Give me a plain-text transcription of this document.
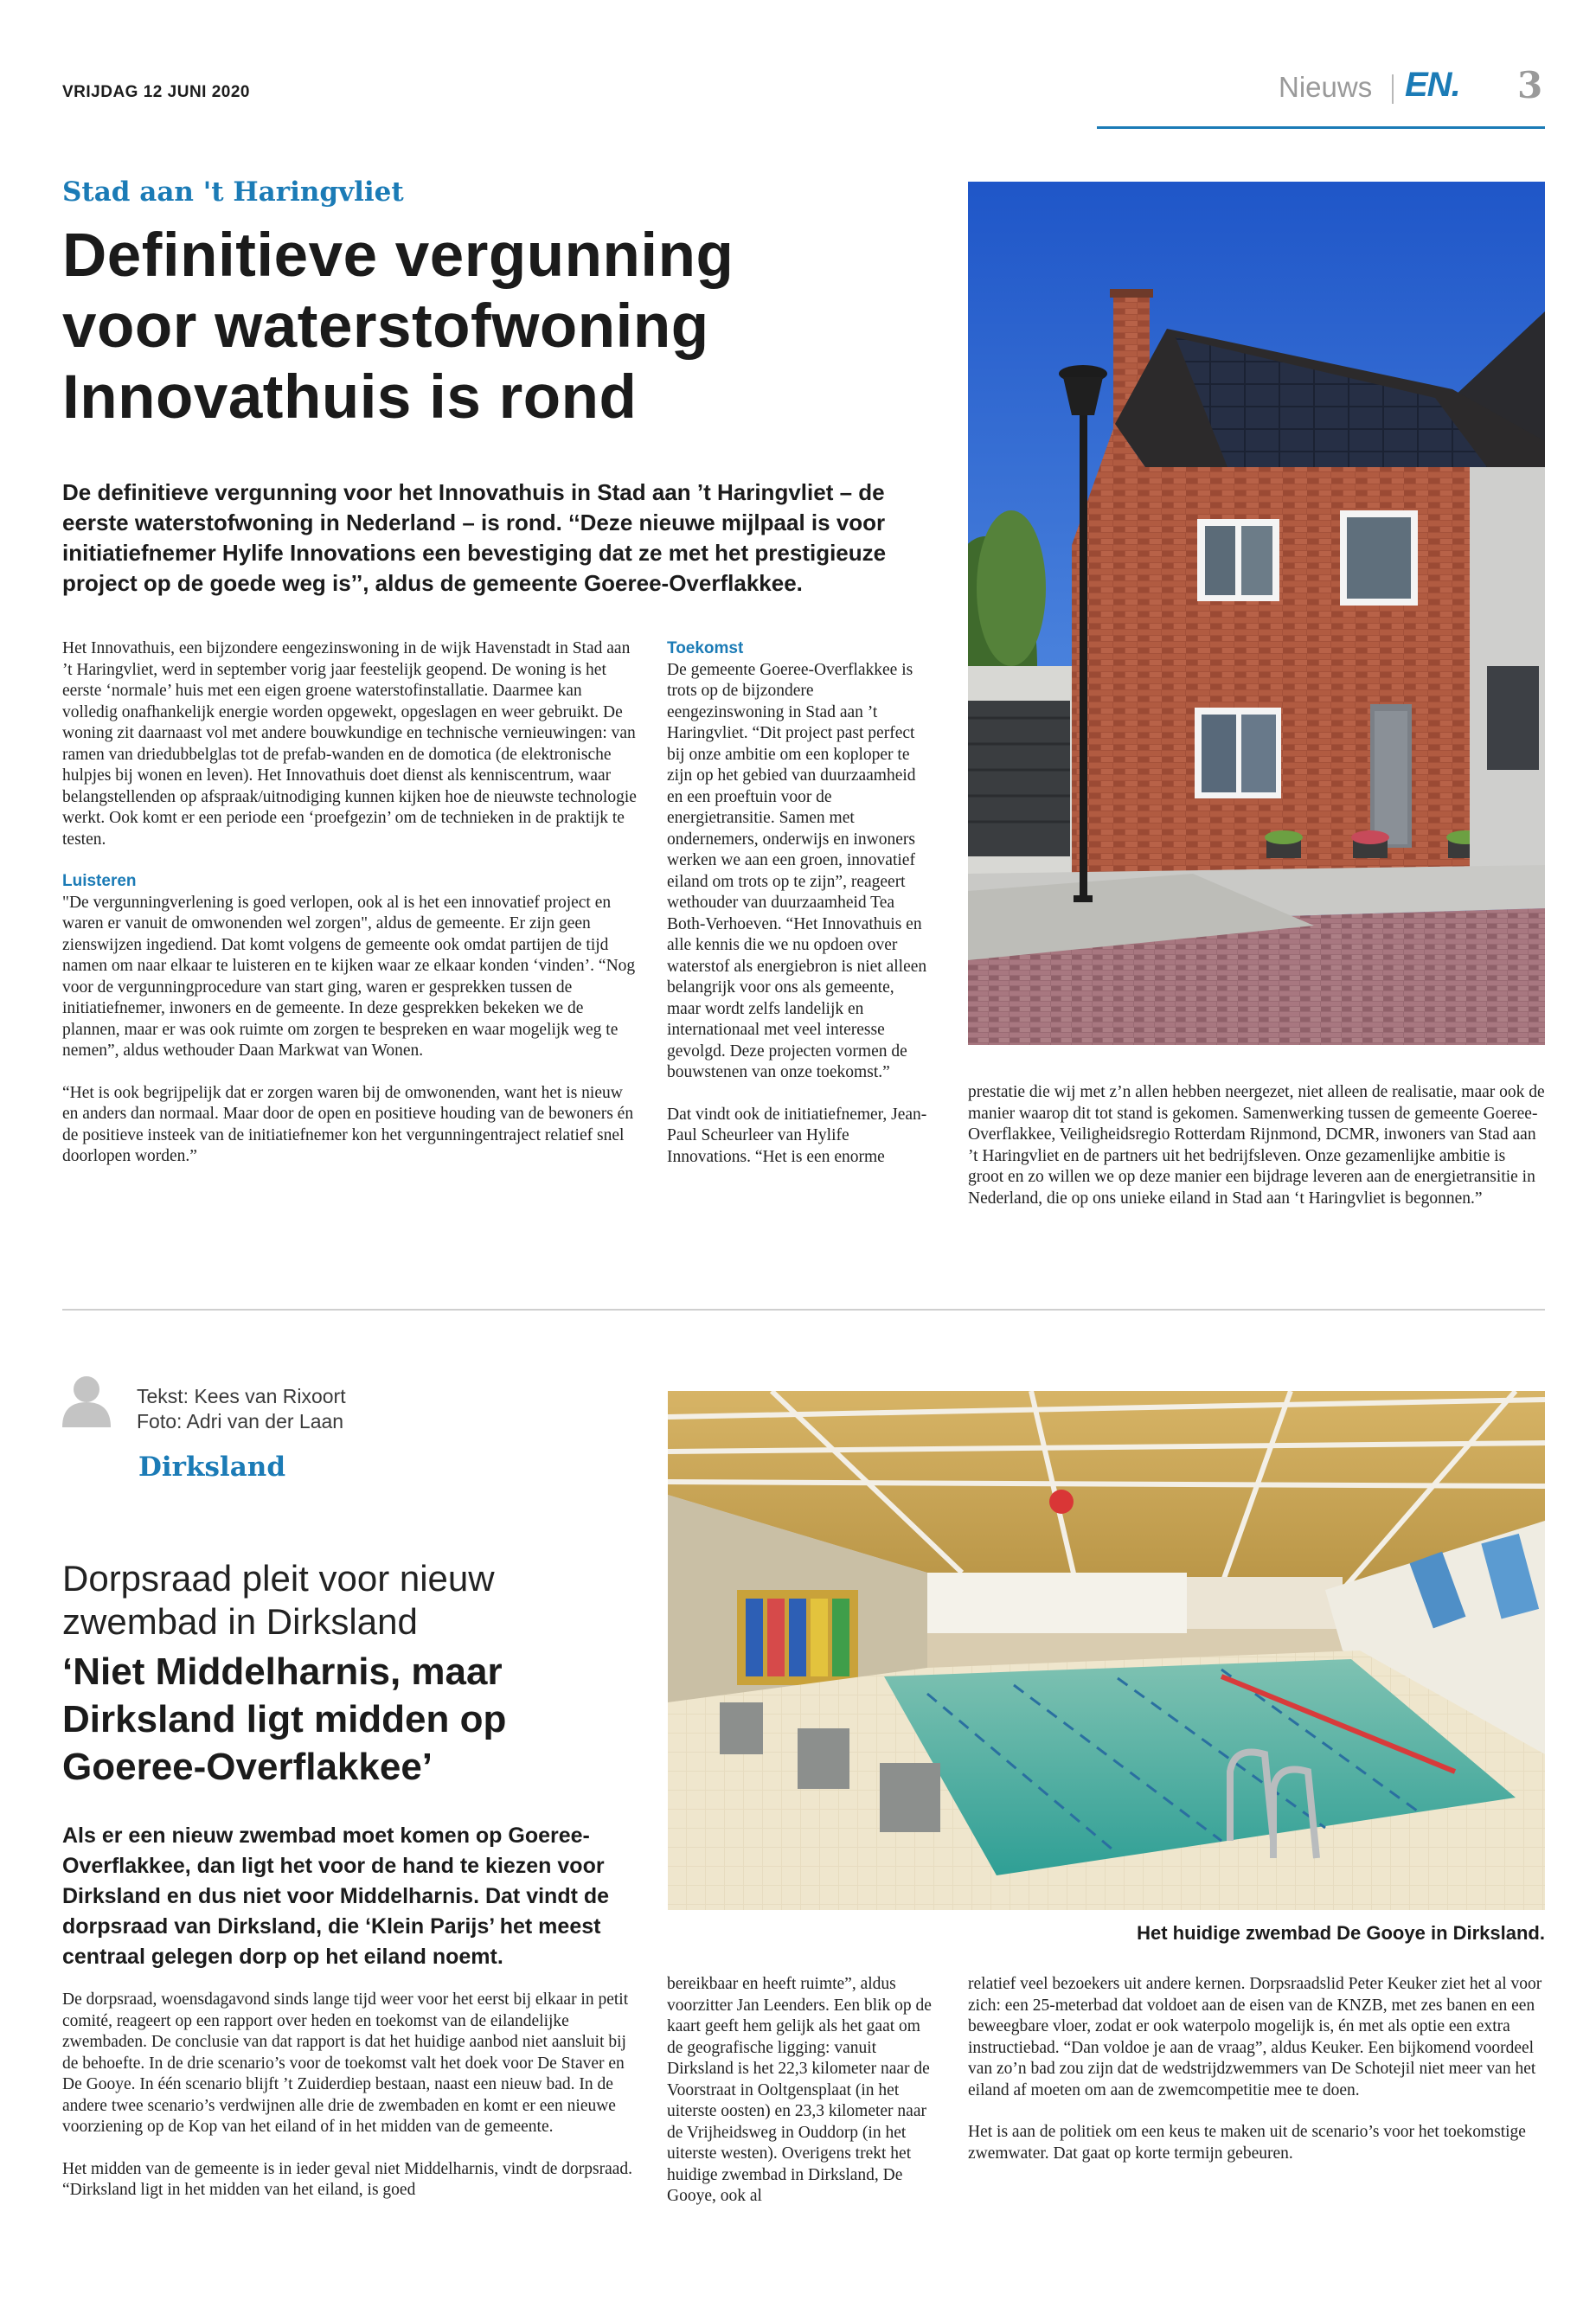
VRIJDAG 12 JUNI 2020	Nieuws EN. 3
Stad aan 't Haringvliet
Definitieve vergunning
voor waterstofwoning
Innovathuis is rond
De definitieve vergunning voor het Innovathuis in Stad aan ’t Haringvliet – de eerste waterstofwoning in Nederland – is rond. ‘‘Deze nieuwe mijlpaal is voor initiatiefnemer Hylife Innovations een bevestiging dat ze met het prestigieuze project op de goede weg is’’, aldus de gemeente Goeree-Overflakkee.

Het Innovathuis, een bijzondere eengezinswoning in de wijk Havenstadt in Stad aan ’t Haringvliet, werd in september vorig jaar feestelijk geopend. De woning is het eerste ‘normale’ huis met een eigen groene waterstofinstallatie. Daarmee kan volledig onafhankelijk energie worden opgewekt, opgeslagen en weer gebruikt. De woning zit daarnaast vol met andere bouwkundige en technische vernieuwingen: van ramen van driedubbelglas tot de prefab-wanden en de domotica (de elektronische hulpjes bij wonen en leven). Het Innovathuis doet dienst als kenniscentrum, waar belangstellenden op afspraak/uitnodiging kunnen kijken hoe de nieuwste technologie werkt. Ook komt er een periode een ‘proefgezin’ om de technieken in de praktijk te testen.

Luisteren

"De vergunningverlening is goed verlopen, ook al is het een innovatief project en waren er vanuit de omwonenden wel zorgen", aldus de gemeente. Er zijn geen zienswijzen ingediend. Dat komt volgens de gemeente ook omdat partijen de tijd namen om naar elkaar te luisteren en te kijken waar ze elkaar konden ‘vinden’. “Nog voor de vergunningprocedure van start ging, waren er gesprekken tussen de initiatiefnemer, inwoners en de gemeente. In deze gesprekken bekeken we de plannen, maar er was ook ruimte om zorgen te bespreken en waar mogelijk weg te nemen”, aldus wethouder Daan Markwat van Wonen.

“Het is ook begrijpelijk dat er zorgen waren bij de omwonenden, want het is nieuw en anders dan normaal. Maar door de open en positieve houding van de bewoners én de positieve insteek van de initiatiefnemer kon het vergunningentraject relatief snel doorlopen worden.”

Toekomst

De gemeente Goeree-Overflakkee is trots op de bijzondere eengezinswoning in Stad aan ’t Haringvliet. “Dit project past perfect bij onze ambitie om een koploper te zijn op het gebied van duurzaamheid en een proeftuin voor de energietransitie. Samen met ondernemers, onderwijs en inwoners werken we aan een groen, innovatief eiland om trots op te zijn”, reageert wethouder van duurzaamheid Tea Both-Verhoeven. “Het Innovathuis en alle kennis die we nu opdoen over waterstof als energiebron is niet alleen belangrijk voor ons als gemeente, maar wordt zelfs landelijk en internationaal met veel interesse gevolgd. Deze projecten vormen de bouwstenen van onze toekomst.”

Dat vindt ook de initiatiefnemer, Jean-Paul Scheurleer van Hylife Innovations. “Het is een enorme

prestatie die wij met z’n allen hebben neergezet, niet alleen de realisatie, maar ook de manier waarop dit tot stand is gekomen. Samenwerking tussen de gemeente Goeree-Overflakkee, Veiligheidsregio Rotterdam Rijnmond, DCMR, inwoners van Stad aan ’t Haringvliet en de partners uit het bedrijfsleven. Onze gezamenlijke ambitie is groot en zo willen we op deze manier een bijdrage leveren aan de energietransitie in Nederland, die op ons unieke eiland in Stad aan ‘t Haringvliet is begonnen.”

Tekst: Kees van Rixoort
Foto: Adri van der Laan
Dirksland
Dorpsraad pleit voor nieuw
zwembad in Dirksland
‘Niet Middelharnis, maar
Dirksland ligt midden op
Goeree-Overflakkee’
Als er een nieuw zwembad moet komen op Goeree-Overflakkee, dan ligt het voor de hand te kiezen voor Dirksland en dus niet voor Middelharnis. Dat vindt de dorpsraad van Dirksland, die ‘Klein Parijs’ het meest centraal gelegen dorp op het eiland noemt.

De dorpsraad, woensdagavond sinds lange tijd weer voor het eerst bij elkaar in petit comité, reageert op een rapport over heden en toekomst van de eilandelijke zwembaden. De conclusie van dat rapport is dat het huidige aanbod niet aansluit bij de behoefte. In de drie scenario’s voor de toekomst valt het doek voor De Staver en De Gooye. In één scenario blijft ’t Zuiderdiep bestaan, naast een nieuw bad. In de andere twee scenario’s verdwijnen alle drie de zwembaden en komt er een nieuwe voorziening op de Kop van het eiland of in het midden van de gemeente.

Het midden van de gemeente is in ieder geval niet Middelharnis, vindt de dorpsraad. “Dirksland ligt in het midden van het eiland, is goed

bereikbaar en heeft ruimte”, aldus voorzitter Jan Leenders. Een blik op de kaart geeft hem gelijk als het gaat om de geografische ligging: vanuit Dirksland is het 22,3 kilometer naar de Voorstraat in Ooltgensplaat (in het uiterste oosten) en 23,3 kilometer naar de Vrijheidsweg in Ouddorp (in het uiterste westen). Overigens trekt het huidige zwembad in Dirksland, De Gooye, ook al

relatief veel bezoekers uit andere kernen. Dorpsraadslid Peter Keuker ziet het al voor zich: een 25-meterbad dat voldoet aan de eisen van de KNZB, met zes banen en een beweegbare vloer, zodat er ook waterpolo mogelijk is, én met als optie een extra instructiebad. “Dan voldoe je aan de vraag”, aldus Keuker. Een bijkomend voordeel van zo’n bad zou zijn dat de wedstrijdzwemmers van De Schotejil niet meer van het eiland af moeten om aan de zwemcompetitie mee te doen.

Het is aan de politiek om een keus te maken uit de scenario’s voor het toekomstige zwemwater. Dat gaat op korte termijn gebeuren.

Het huidige zwembad De Gooye in Dirksland.
